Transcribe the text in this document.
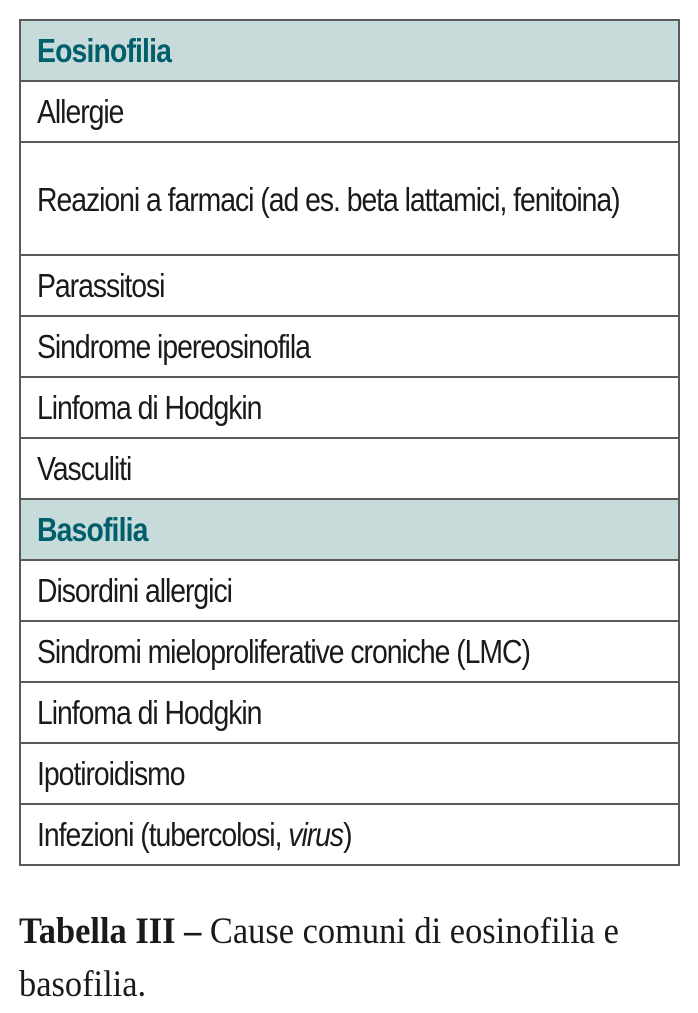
Eosinofilia
Allergie
Reazioni a farmaci (ad es. beta lattamici, fenitoina)
Parassitosi
Sindrome ipereosinofila
Linfoma di Hodgkin
Vasculiti
Basofilia
Disordini allergici
Sindromi mieloproliferative croniche (LMC)
Linfoma di Hodgkin
Ipotiroidismo
Infezioni (tubercolosi, virus)
Tabella III – Cause comuni di eosinofilia e basofilia.
